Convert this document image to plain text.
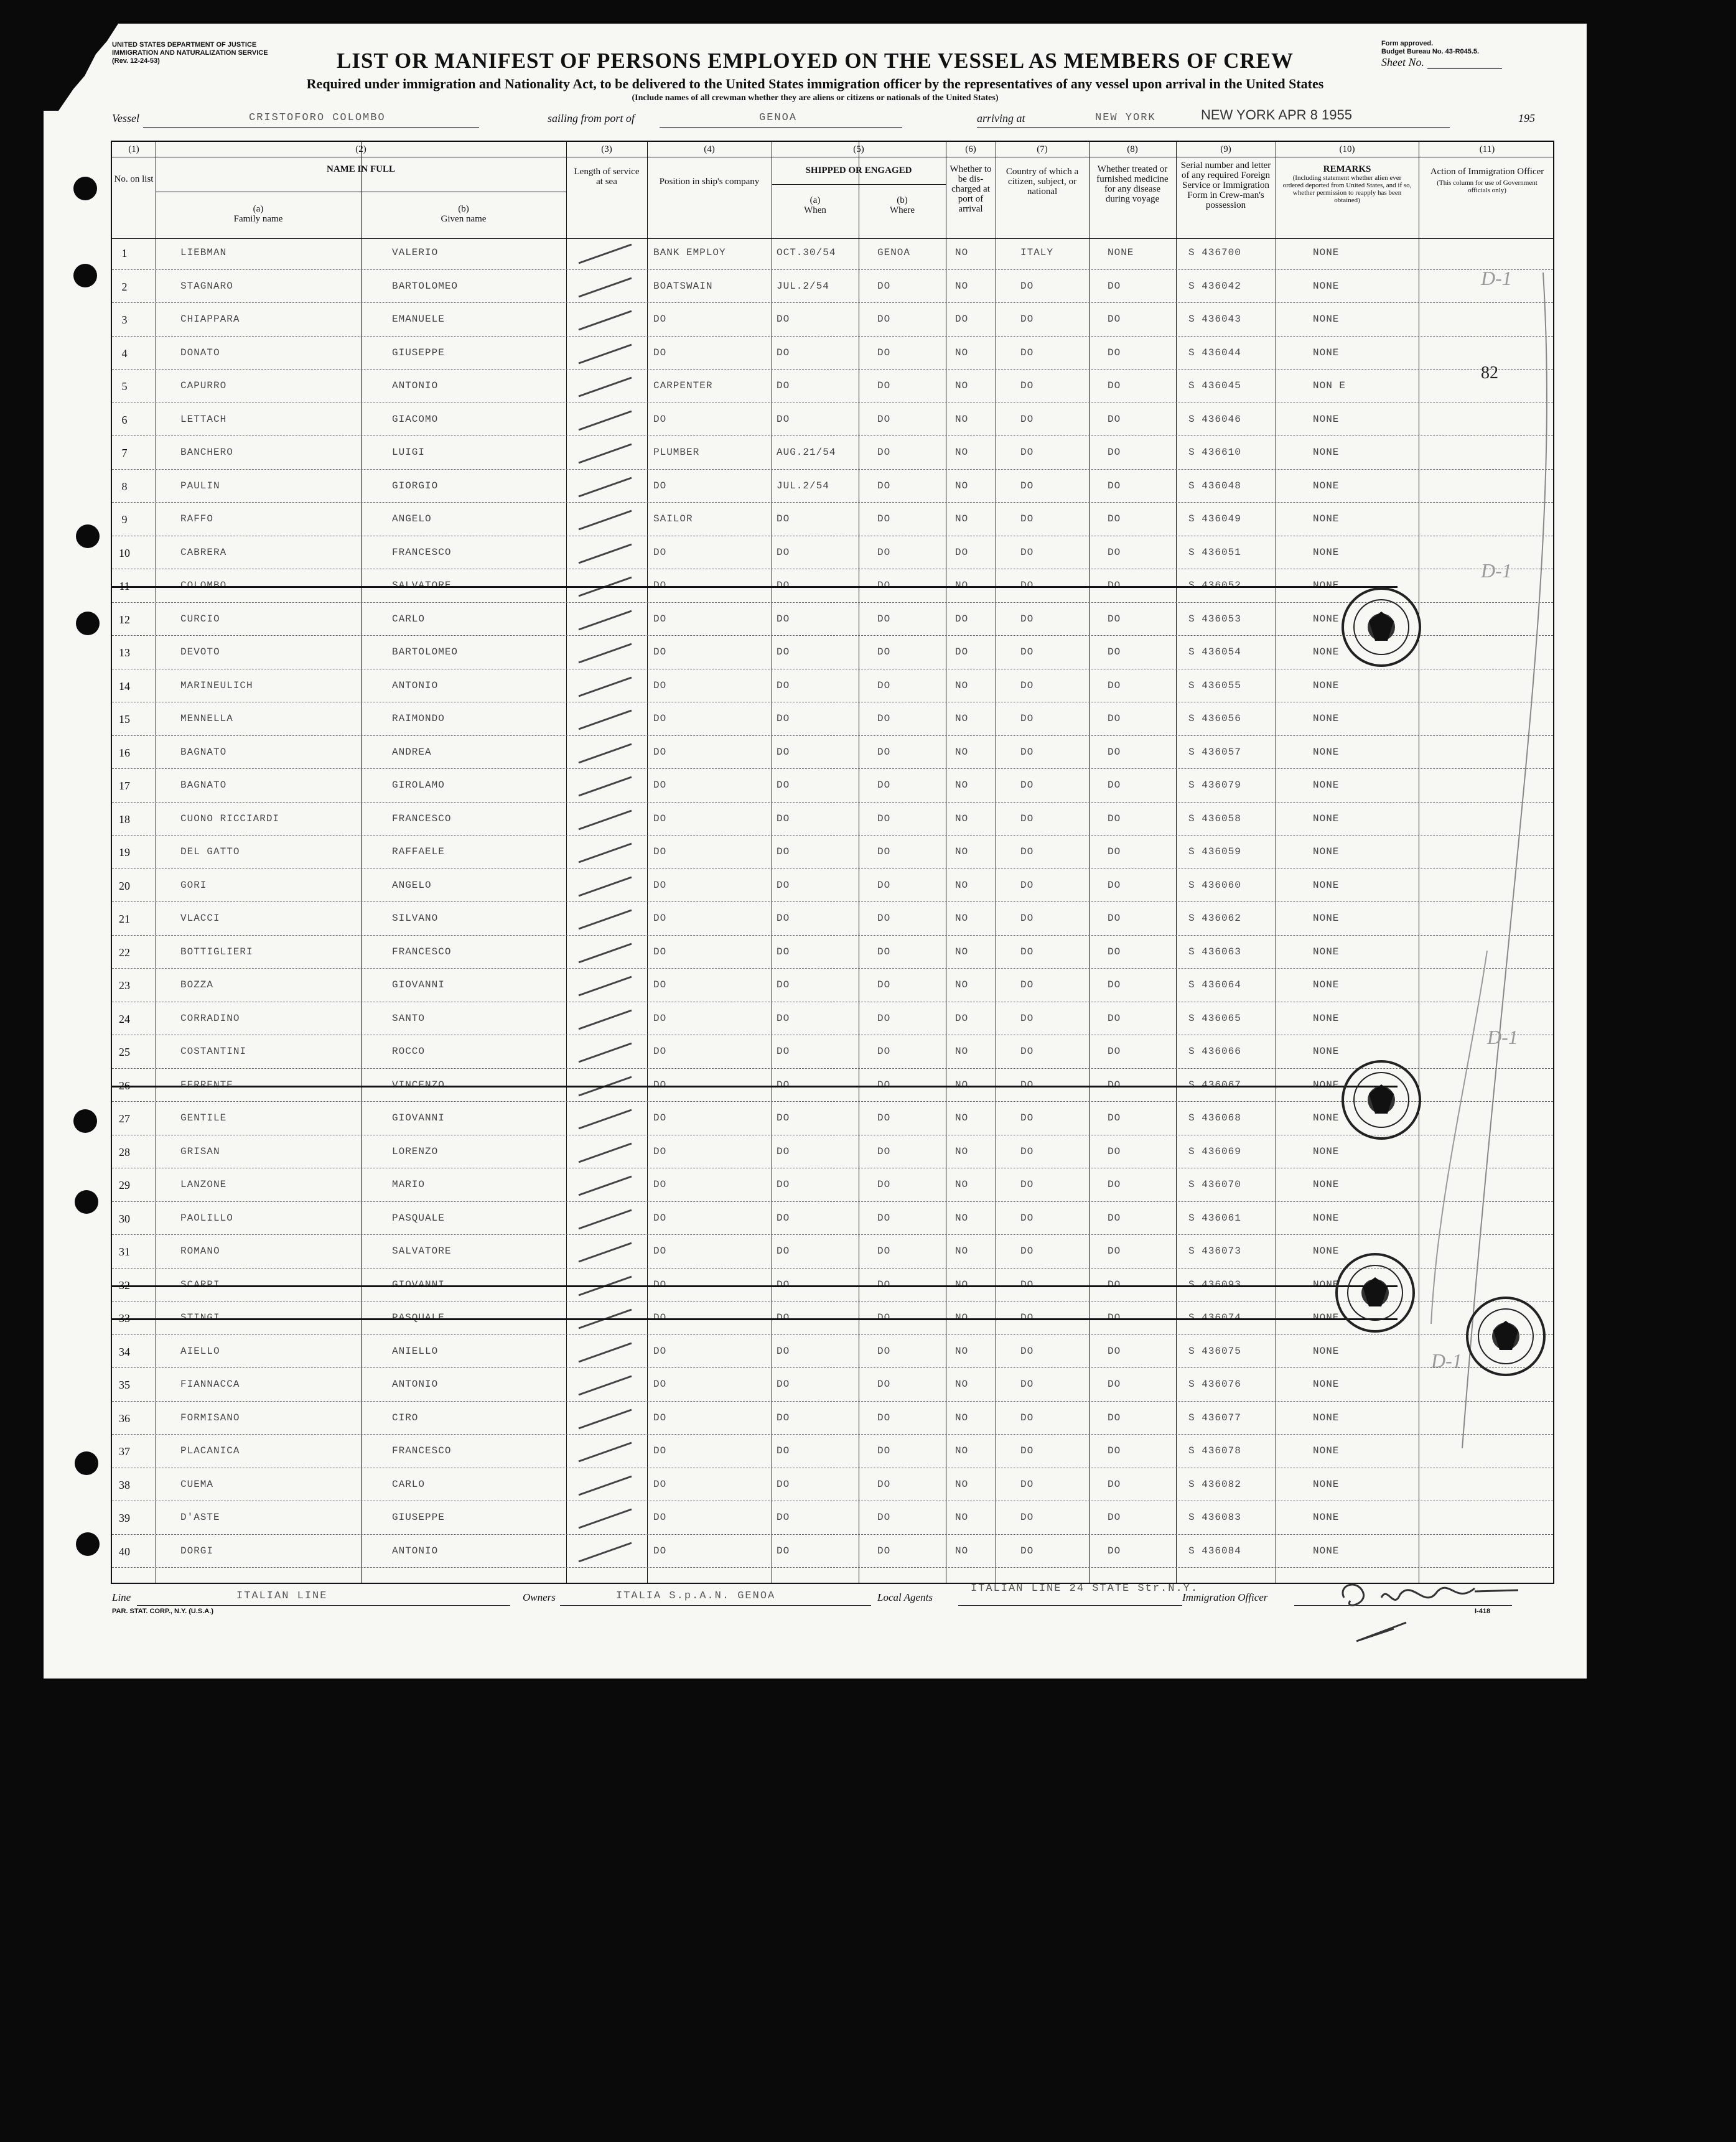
UNITED STATES DEPARTMENT OF JUSTICE
IMMIGRATION AND NATURALIZATION SERVICE
(Rev. 12-24-53)
Form approved.
Budget Bureau No. 43-R045.5.
LIST OR MANIFEST OF PERSONS EMPLOYED ON THE VESSEL AS MEMBERS OF CREW	Sheet No.
Required under immigration and Nationality Act, to be delivered to the United States immigration officer by the representatives of any vessel upon arrival in the United States
(Include names of all crewman whether they are aliens or citizens or nationals of the United States)
Vessel	CRISTOFORO COLOMBO	sailing from port of	GENOA	arriving at	NEW YORK	NEW YORK APR 8 1955	195
(1)	(2)	(3)	(4)	(5)	(6)	(7)	(8)	(9)	(10)	(11)
No. on list
NAME IN FULL
(a)
Family name
(b)
Given name
Length of service at sea	Position in ship's company
SHIPPED OR ENGAGED
(a)
When
(b)
Where
Whether to be dis-charged at port of arrival
Country of which a citizen, subject, or national
Whether treated or furnished medicine for any disease during voyage
Serial number and letter of any required Foreign Service or Immigration Form in Crew-man's possession
REMARKS
(Including statement whether alien ever ordered deported from United States, and if so, whether permission to reapply has been obtained)
Action of Immigration Officer
(This column for use of Government officials only)
1	LIEBMAN	VALERIO	BANK EMPLOY	OCT.30/54	GENOA	NO	ITALY	NONE	S 436700	NONE
2	STAGNARO	BARTOLOMEO	BOATSWAIN	JUL.2/54	DO	NO	DO	DO	S 436042	NONE
3	CHIAPPARA	EMANUELE	DO	DO	DO	DO	DO	DO	S 436043	NONE
4	DONATO	GIUSEPPE	DO	DO	DO	NO	DO	DO	S 436044	NONE
5	CAPURRO	ANTONIO	CARPENTER	DO	DO	NO	DO	DO	S 436045	NON E
6	LETTACH	GIACOMO	DO	DO	DO	NO	DO	DO	S 436046	NONE
7	BANCHERO	LUIGI	PLUMBER	AUG.21/54	DO	NO	DO	DO	S 436610	NONE
8	PAULIN	GIORGIO	DO	JUL.2/54	DO	NO	DO	DO	S 436048	NONE
9	RAFFO	ANGELO	SAILOR	DO	DO	NO	DO	DO	S 436049	NONE
10	CABRERA	FRANCESCO	DO	DO	DO	DO	DO	DO	S 436051	NONE
11	COLOMBO	SALVATORE	DO	DO	DO	NO	DO	DO	S 436052	NONE
12	CURCIO	CARLO	DO	DO	DO	DO	DO	DO	S 436053	NONE
13	DEVOTO	BARTOLOMEO	DO	DO	DO	DO	DO	DO	S 436054	NONE
14	MARINEULICH	ANTONIO	DO	DO	DO	NO	DO	DO	S 436055	NONE
15	MENNELLA	RAIMONDO	DO	DO	DO	NO	DO	DO	S 436056	NONE
16	BAGNATO	ANDREA	DO	DO	DO	NO	DO	DO	S 436057	NONE
17	BAGNATO	GIROLAMO	DO	DO	DO	NO	DO	DO	S 436079	NONE
18	CUONO RICCIARDI	FRANCESCO	DO	DO	DO	NO	DO	DO	S 436058	NONE
19	DEL GATTO	RAFFAELE	DO	DO	DO	NO	DO	DO	S 436059	NONE
20	GORI	ANGELO	DO	DO	DO	NO	DO	DO	S 436060	NONE
21	VLACCI	SILVANO	DO	DO	DO	NO	DO	DO	S 436062	NONE
22	BOTTIGLIERI	FRANCESCO	DO	DO	DO	NO	DO	DO	S 436063	NONE
23	BOZZA	GIOVANNI	DO	DO	DO	NO	DO	DO	S 436064	NONE
24	CORRADINO	SANTO	DO	DO	DO	DO	DO	DO	S 436065	NONE
25	COSTANTINI	ROCCO	DO	DO	DO	NO	DO	DO	S 436066	NONE
26	FERRENTE	VINCENZO	DO	DO	DO	NO	DO	DO	S 436067	NONE
27	GENTILE	GIOVANNI	DO	DO	DO	NO	DO	DO	S 436068	NONE
28	GRISAN	LORENZO	DO	DO	DO	NO	DO	DO	S 436069	NONE
29	LANZONE	MARIO	DO	DO	DO	NO	DO	DO	S 436070	NONE
30	PAOLILLO	PASQUALE	DO	DO	DO	NO	DO	DO	S 436061	NONE
31	ROMANO	SALVATORE	DO	DO	DO	NO	DO	DO	S 436073	NONE
32	SCARPI	GIOVANNI	DO	DO	DO	NO	DO	DO	S 436093	NONE
33	STINGI	PASQUALE	DO	DO	DO	NO	DO	DO	S 436074	NONE
34	AIELLO	ANIELLO	DO	DO	DO	NO	DO	DO	S 436075	NONE
35	FIANNACCA	ANTONIO	DO	DO	DO	NO	DO	DO	S 436076	NONE
36	FORMISANO	CIRO	DO	DO	DO	NO	DO	DO	S 436077	NONE
37	PLACANICA	FRANCESCO	DO	DO	DO	NO	DO	DO	S 436078	NONE
38	CUEMA	CARLO	DO	DO	DO	NO	DO	DO	S 436082	NONE
39	D'ASTE	GIUSEPPE	DO	DO	DO	NO	DO	DO	S 436083	NONE
40	DORGI	ANTONIO	DO	DO	DO	NO	DO	DO	S 436084	NONE
82
D-1
D-1
D-1
D-1
Line	ITALIAN LINE	Owners	ITALIA S.p.A.N. GENOA	Local Agents
ITALIAN LINE 24 STATE Str.N.Y.
Immigration Officer
PAR. STAT. CORP., N.Y. (U.S.A.)	I-418
